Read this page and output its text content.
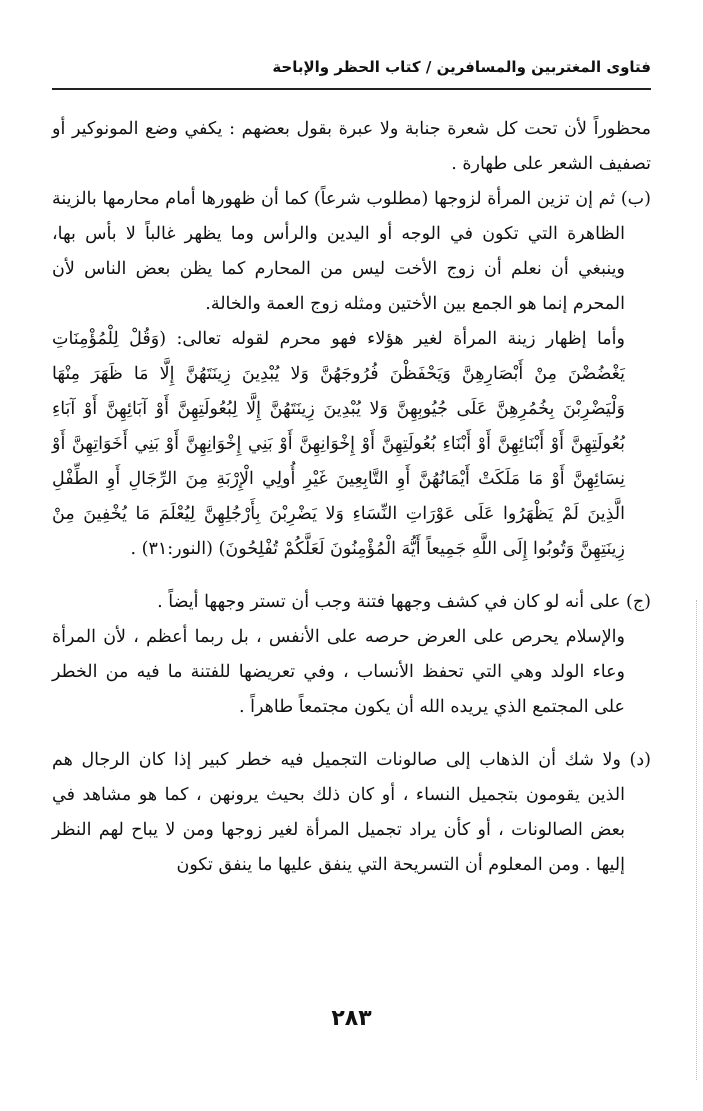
فتاوى المغتربين والمسافرين / كتاب الحظر والإباحة

محظوراً لأن تحت كل شعرة جنابة ولا عبرة بقول بعضهم : يكفي وضع المونوكير أو تصفيف الشعر على طهارة .

(ب) ثم إن تزين المرأة لزوجها (مطلوب شرعاً) كما أن ظهورها أمام محارمها بالزينة الظاهرة التي تكون في الوجه أو اليدين والرأس وما يظهر غالباً لا بأس بها، وينبغي أن نعلم أن زوج الأخت ليس من المحارم كما يظن بعض الناس لأن المحرم إنما هو الجمع بين الأختين ومثله زوج العمة والخالة.

وأما إظهار زينة المرأة لغير هؤلاء فهو محرم لقوله تعالى: (وَقُلْ لِلْمُؤْمِنَاتِ يَغْضُضْنَ مِنْ أَبْصَارِهِنَّ وَيَحْفَظْنَ فُرُوجَهُنَّ وَلا يُبْدِينَ زِينَتَهُنَّ إِلَّا مَا ظَهَرَ مِنْهَا وَلْيَضْرِبْنَ بِخُمُرِهِنَّ عَلَى جُيُوبِهِنَّ وَلا يُبْدِينَ زِينَتَهُنَّ إِلَّا لِبُعُولَتِهِنَّ أَوْ آبَائِهِنَّ أَوْ آبَاءِ بُعُولَتِهِنَّ أَوْ أَبْنَائِهِنَّ أَوْ أَبْنَاءِ بُعُولَتِهِنَّ أَوْ إِخْوَانِهِنَّ أَوْ بَنِي إِخْوَانِهِنَّ أَوْ بَنِي أَخَوَاتِهِنَّ أَوْ نِسَائِهِنَّ أَوْ مَا مَلَكَتْ أَيْمَانُهُنَّ أَوِ التَّابِعِينَ غَيْرِ أُولِي الْإِرْبَةِ مِنَ الرِّجَالِ أَوِ الطِّفْلِ الَّذِينَ لَمْ يَظْهَرُوا عَلَى عَوْرَاتِ النِّسَاءِ وَلا يَضْرِبْنَ بِأَرْجُلِهِنَّ لِيُعْلَمَ مَا يُخْفِينَ مِنْ زِينَتِهِنَّ وَتُوبُوا إِلَى اللَّهِ جَمِيعاً أَيُّهَ الْمُؤْمِنُونَ لَعَلَّكُمْ تُفْلِحُونَ) (النور:٣١) .

(ج) على أنه لو كان في كشف وجهها فتنة وجب أن تستر وجهها أيضاً .

والإسلام يحرص على العرض حرصه على الأنفس ، بل ربما أعظم ، لأن المرأة وعاء الولد وهي التي تحفظ الأنساب ، وفي تعريضها للفتنة ما فيه من الخطر على المجتمع الذي يريده الله أن يكون مجتمعاً طاهراً .

(د) ولا شك أن الذهاب إلى صالونات التجميل فيه خطر كبير إذا كان الرجال هم الذين يقومون بتجميل النساء ، أو كان ذلك بحيث يرونهن ، كما هو مشاهد في بعض الصالونات ، أو كأن يراد تجميل المرأة لغير زوجها ومن لا يباح لهم النظر إليها . ومن المعلوم أن التسريحة التي ينفق عليها ما ينفق تكون

٢٨٣
